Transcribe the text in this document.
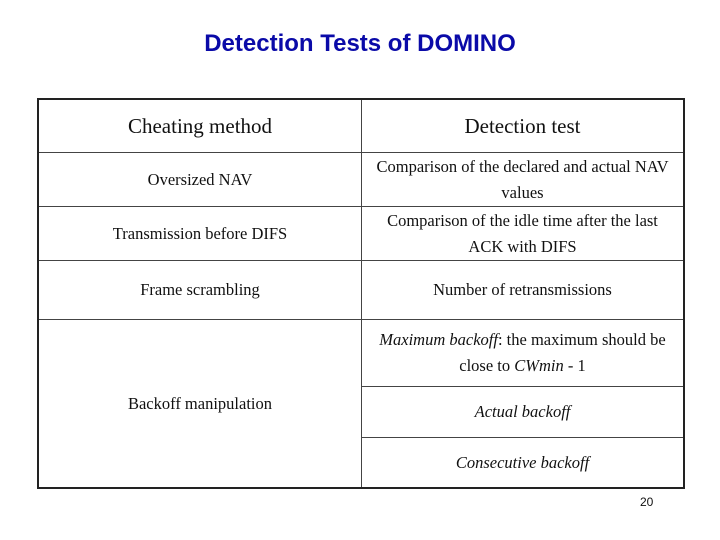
Detection Tests of DOMINO
Cheating method	Detection test
Oversized NAV	Comparison of the declared and actual NAV values
Transmission before DIFS	Comparison of the idle time after the last ACK with DIFS
Frame scrambling	Number of retransmissions
Backoff manipulation	Maximum backoff: the maximum should be close to CWmin - 1
	Actual backoff
	Consecutive backoff
20
